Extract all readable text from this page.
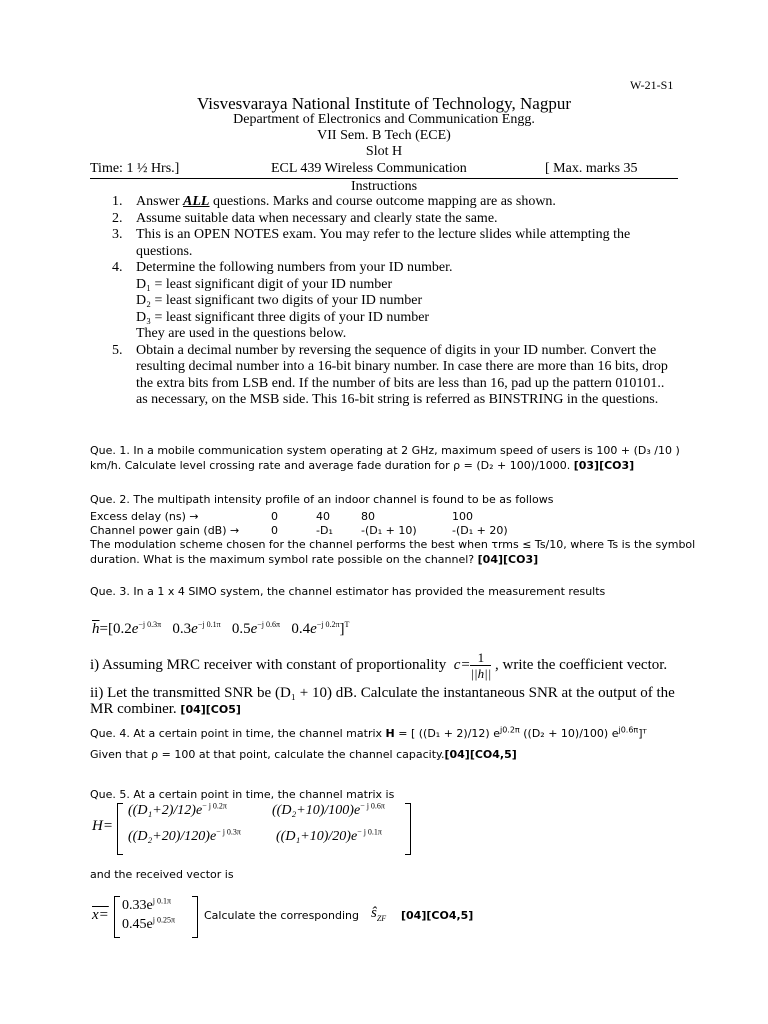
W-21-S1
Visvesvaraya National Institute of Technology, Nagpur
Department of Electronics and Communication Engg.
VII Sem. B Tech (ECE)
Slot H
Time: 1 ½ Hrs.]	ECL 439 Wireless Communication	[ Max. marks 35
Instructions
1. Answer ALL questions. Marks and course outcome mapping are as shown.
2. Assume suitable data when necessary and clearly state the same.
3. This is an OPEN NOTES exam. You may refer to the lecture slides while attempting the questions.
4. Determine the following numbers from your ID number.
D₁ = least significant digit of your ID number
D₂ = least significant two digits of your ID number
D₃ = least significant three digits of your ID number
They are used in the questions below.
5. Obtain a decimal number by reversing the sequence of digits in your ID number. Convert the resulting decimal number into a 16-bit binary number. In case there are more than 16 bits, drop the extra bits from LSB end. If the number of bits are less than 16, pad up the pattern 010101.. as necessary, on the MSB side. This 16-bit string is referred as BINSTRING in the questions.
Que. 1. In a mobile communication system operating at 2 GHz, maximum speed of users is 100 + (D₃ /10 ) km/h. Calculate level crossing rate and average fade duration for ρ = (D₂ + 100)/1000. [03][CO3]
Que. 2. The multipath intensity profile of an indoor channel is found to be as follows
Excess delay (ns) →	0	40	80	100
Channel power gain (dB) →	0	-D₁	-(D₁ + 10)	-(D₁ + 20)
The modulation scheme chosen for the channel performs the best when τrms ≤ Ts/10, where Ts is the symbol duration. What is the maximum symbol rate possible on the channel? [04][CO3]
Que. 3. In a 1 x 4 SIMO system, the channel estimator has provided the measurement results
$\overline{h}=[0.2e^{-j 0.3\pi}$ $0.3e^{-j 0.1\pi}$ $0.5e^{-j 0.6\pi}$ $0.4e^{-j 0.2\pi}]^T$
i) Assuming MRC receiver with constant of proportionality $c= \frac{1}{||h||}$ , write the coefficient vector.
ii) Let the transmitted SNR be (D₁ + 10) dB. Calculate the instantaneous SNR at the output of the MR combiner. [04][CO5]
Que. 4. At a certain point in time, the channel matrix H = [ ((D₁ + 2)/12) $e^{j0.2\pi}$ ((D₂ + 10)/100) $e^{j0.6\pi}]ᵀ$
Given that ρ = 100 at that point, calculate the channel capacity.[04][CO4,5]
Que. 5. At a certain point in time, the channel matrix is
H=
$((D_1+2)/12)e^{- j 0.2\pi}$	$((D_2+10)/100)e^{- j 0.6\pi}$
$((D_2+20)/120)e^{- j 0.3\pi}$	$((D_1+10)/20)e^{- j 0.1\pi}$
and the received vector is
x=
$0.33e^{j 0.1\pi}$
$0.45e^{j 0.25\pi}$	Calculate the corresponding $ŝ_{ZF}$ [04][CO4,5]
